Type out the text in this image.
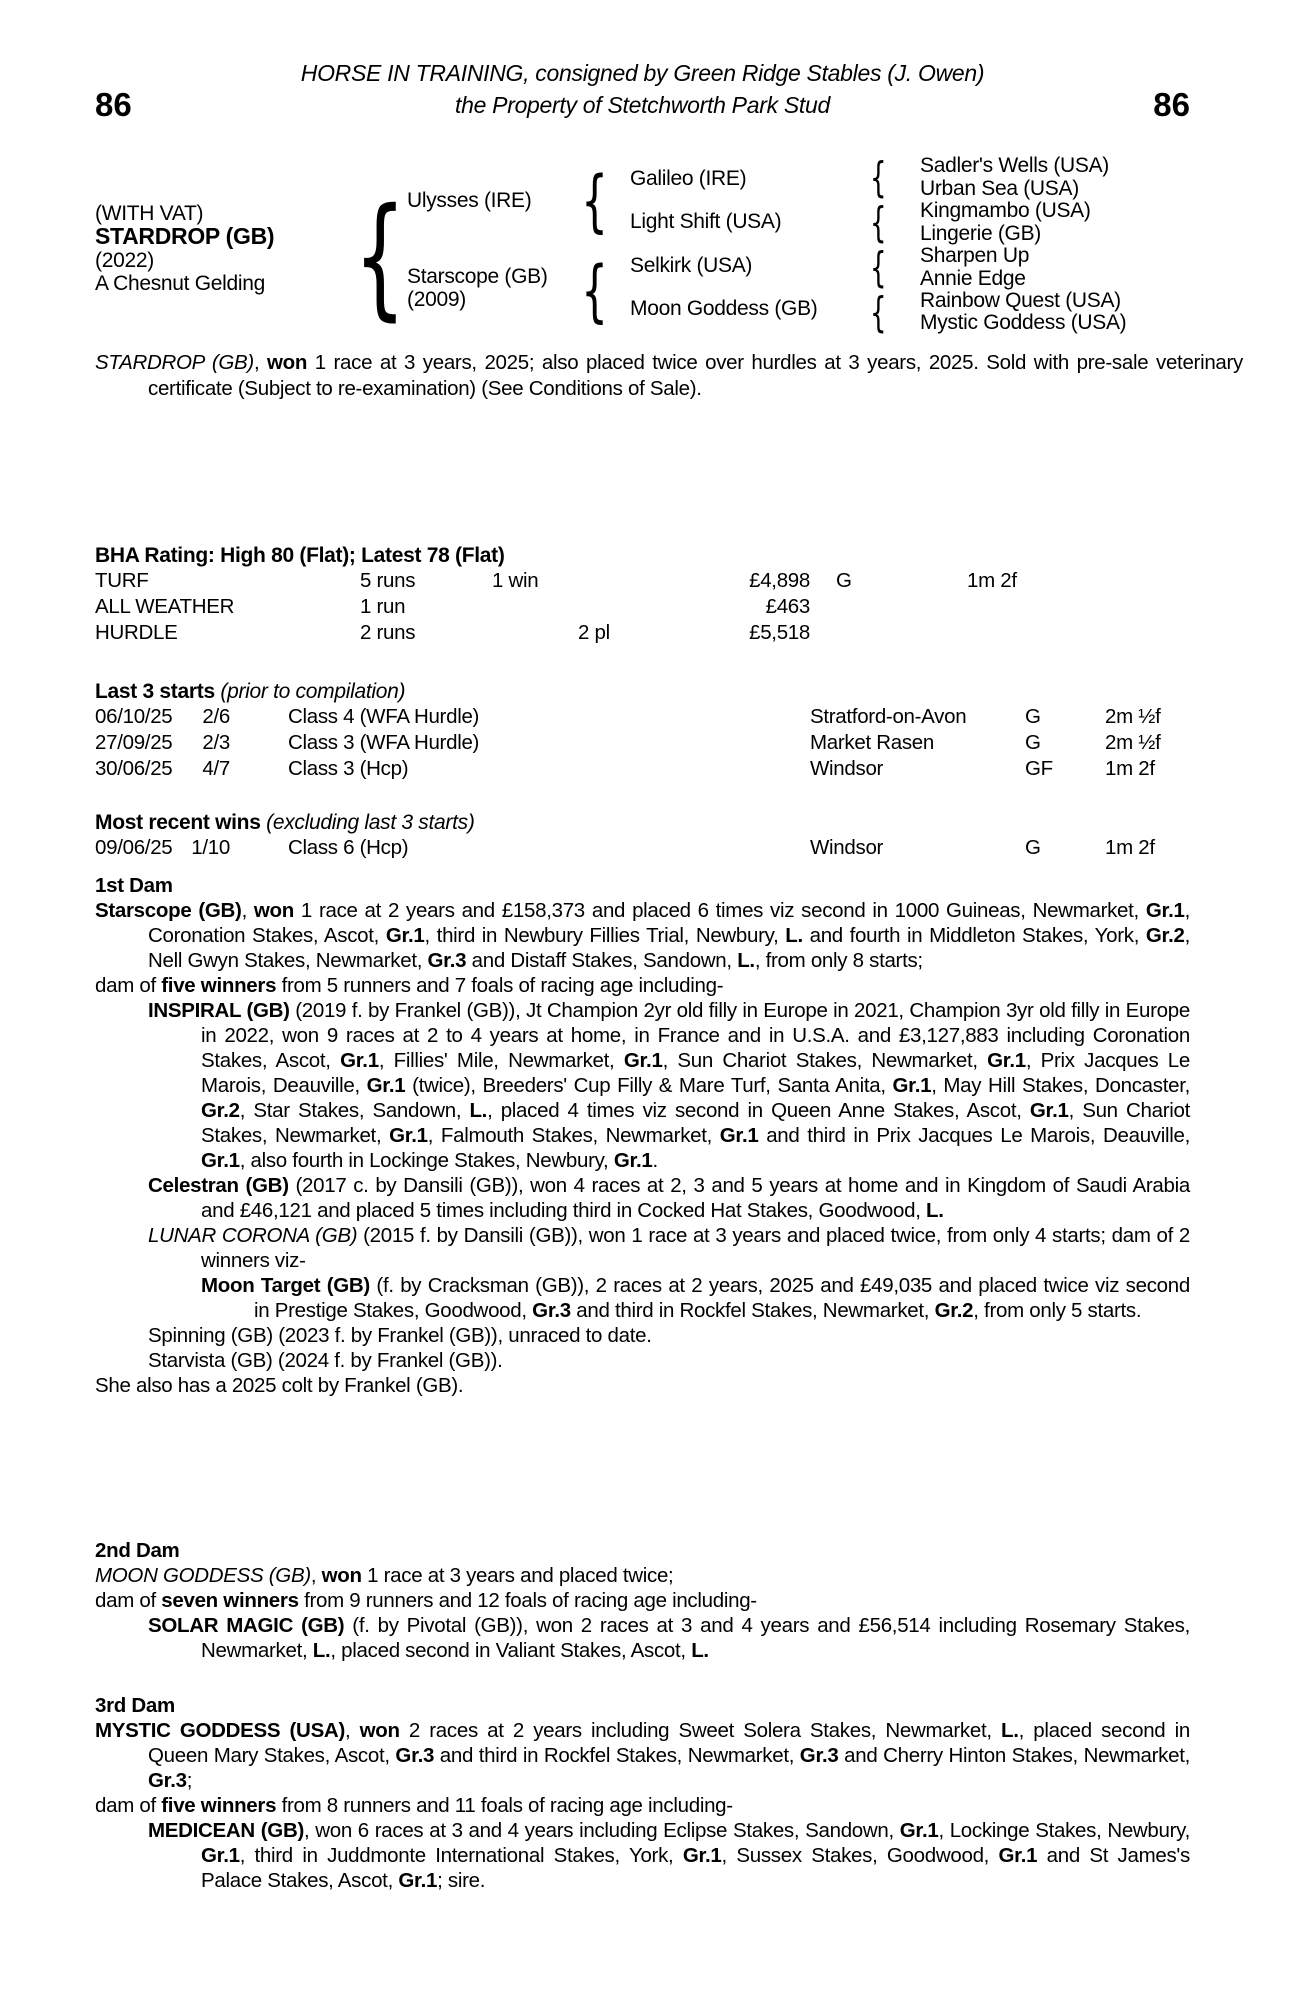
HORSE IN TRAINING, consigned by Green Ridge Stables (J. Owen)
86	the Property of Stetchworth Park Stud	86
(WITH VAT)
STARDROP (GB)
(2022)
A Chesnut Gelding { Ulysses (IRE)
Starscope (GB)
(2009)
{
{
Galileo (IRE)
Light Shift (USA)
Selkirk (USA)
Moon Goddess (GB)
{
{
{
{
Sadler's Wells (USA)
Urban Sea (USA)
Kingmambo (USA)
Lingerie (GB)
Sharpen Up
Annie Edge
Rainbow Quest (USA)
Mystic Goddess (USA)
STARDROP (GB), won 1 race at 3 years, 2025; also placed twice over hurdles at 3 years, 2025. Sold with pre-sale veterinary certificate (Subject to re-examination) (See Conditions of Sale).
BHA Rating: High 80 (Flat); Latest 78 (Flat)
TURF	5 runs	1 win	£4,898 G	1m 2f
ALL WEATHER	1 run	£463
HURDLE	2 runs	2 pl	£5,518
Last 3 starts (prior to compilation)
06/10/25	2/6	Class 4 (WFA Hurdle)	Stratford-on-Avon	G	2m ½f
27/09/25	2/3	Class 3 (WFA Hurdle)	Market Rasen	G	2m ½f
30/06/25	4/7	Class 3 (Hcp)	Windsor	GF	1m 2f
Most recent wins (excluding last 3 starts)
09/06/25 1/10	Class 6 (Hcp)	Windsor	G	1m 2f
1st Dam
Starscope (GB), won 1 race at 2 years and £158,373 and placed 6 times viz second in 1000 Guineas, Newmarket, Gr.1, Coronation Stakes, Ascot, Gr.1, third in Newbury Fillies Trial, Newbury, L. and fourth in Middleton Stakes, York, Gr.2, Nell Gwyn Stakes, Newmarket, Gr.3 and Distaff Stakes, Sandown, L., from only 8 starts;
dam of five winners from 5 runners and 7 foals of racing age including-
INSPIRAL (GB) (2019 f. by Frankel (GB)), Jt Champion 2yr old filly in Europe in 2021, Champion 3yr old filly in Europe in 2022, won 9 races at 2 to 4 years at home, in France and in U.S.A. and £3,127,883 including Coronation Stakes, Ascot, Gr.1, Fillies' Mile, Newmarket, Gr.1, Sun Chariot Stakes, Newmarket, Gr.1, Prix Jacques Le Marois, Deauville, Gr.1 (twice), Breeders' Cup Filly & Mare Turf, Santa Anita, Gr.1, May Hill Stakes, Doncaster, Gr.2, Star Stakes, Sandown, L., placed 4 times viz second in Queen Anne Stakes, Ascot, Gr.1, Sun Chariot Stakes, Newmarket, Gr.1, Falmouth Stakes, Newmarket, Gr.1 and third in Prix Jacques Le Marois, Deauville, Gr.1, also fourth in Lockinge Stakes, Newbury, Gr.1.
Celestran (GB) (2017 c. by Dansili (GB)), won 4 races at 2, 3 and 5 years at home and in Kingdom of Saudi Arabia and £46,121 and placed 5 times including third in Cocked Hat Stakes, Goodwood, L.
LUNAR CORONA (GB) (2015 f. by Dansili (GB)), won 1 race at 3 years and placed twice, from only 4 starts; dam of 2 winners viz-
Moon Target (GB) (f. by Cracksman (GB)), 2 races at 2 years, 2025 and £49,035 and placed twice viz second in Prestige Stakes, Goodwood, Gr.3 and third in Rockfel Stakes, Newmarket, Gr.2, from only 5 starts.
Spinning (GB) (2023 f. by Frankel (GB)), unraced to date.
Starvista (GB) (2024 f. by Frankel (GB)).
She also has a 2025 colt by Frankel (GB).
2nd Dam
MOON GODDESS (GB), won 1 race at 3 years and placed twice;
dam of seven winners from 9 runners and 12 foals of racing age including-
SOLAR MAGIC (GB) (f. by Pivotal (GB)), won 2 races at 3 and 4 years and £56,514 including Rosemary Stakes, Newmarket, L., placed second in Valiant Stakes, Ascot, L.
3rd Dam
MYSTIC GODDESS (USA), won 2 races at 2 years including Sweet Solera Stakes, Newmarket, L., placed second in Queen Mary Stakes, Ascot, Gr.3 and third in Rockfel Stakes, Newmarket, Gr.3 and Cherry Hinton Stakes, Newmarket, Gr.3;
dam of five winners from 8 runners and 11 foals of racing age including-
MEDICEAN (GB), won 6 races at 3 and 4 years including Eclipse Stakes, Sandown, Gr.1, Lockinge Stakes, Newbury, Gr.1, third in Juddmonte International Stakes, York, Gr.1, Sussex Stakes, Goodwood, Gr.1 and St James's Palace Stakes, Ascot, Gr.1; sire.
